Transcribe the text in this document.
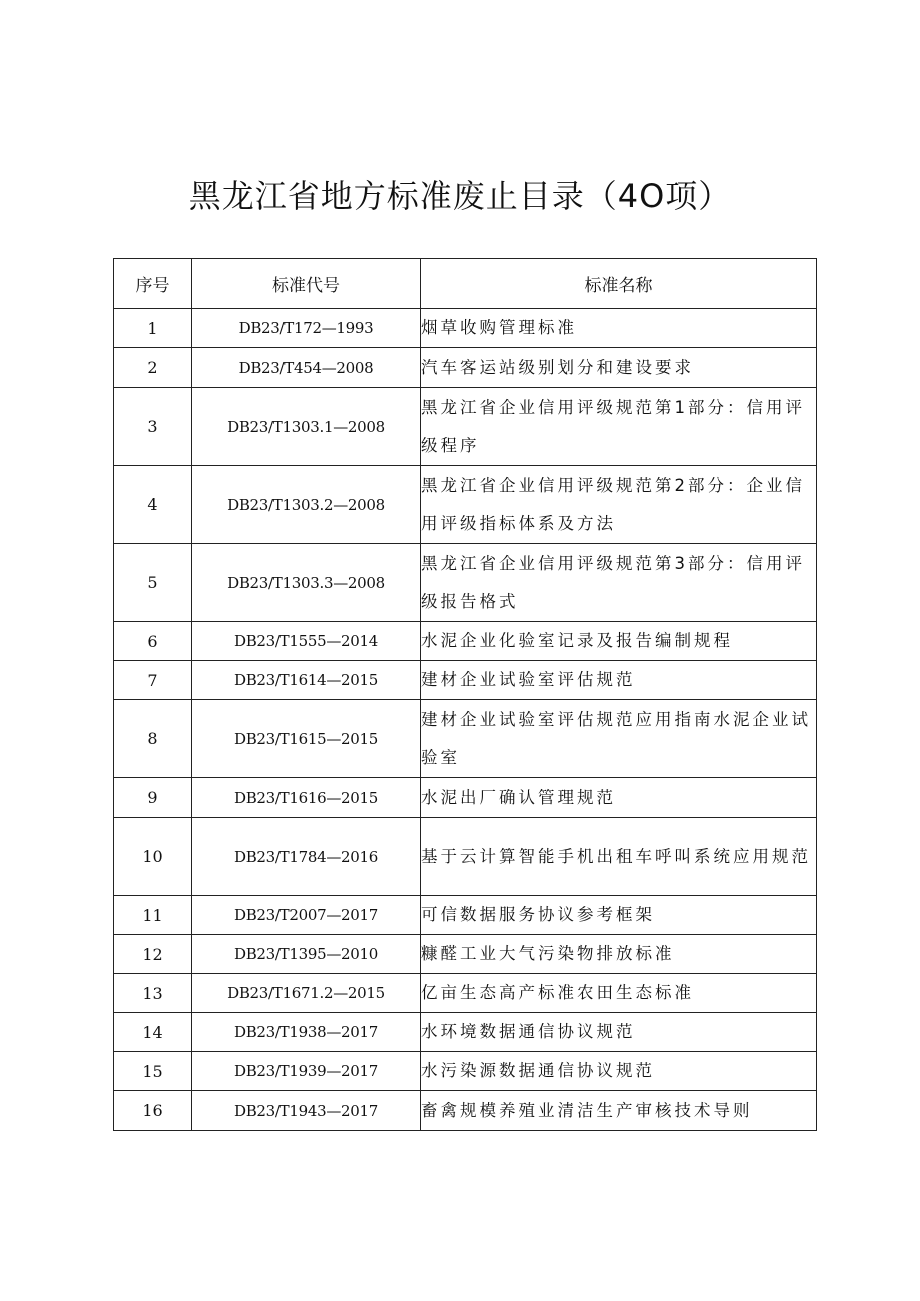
黑龙江省地方标准废止目录（4O项）
序号	标准代号	标准名称
1	DB23/T172—1993	烟草收购管理标准
2	DB23/T454—2008	汽车客运站级别划分和建设要求
3	DB23/T1303.1—2008	黑龙江省企业信用评级规范第1部分：信用评级程序
4	DB23/T1303.2—2008	黑龙江省企业信用评级规范第2部分：企业信用评级指标体系及方法
5	DB23/T1303.3—2008	黑龙江省企业信用评级规范第3部分：信用评级报告格式
6	DB23/T1555—2014	水泥企业化验室记录及报告编制规程
7	DB23/T1614—2015	建材企业试验室评估规范
8	DB23/T1615—2015	建材企业试验室评估规范应用指南水泥企业试验室
9	DB23/T1616—2015	水泥出厂确认管理规范
10	DB23/T1784—2016	基于云计算智能手机出租车呼叫系统应用规范
11	DB23/T2007—2017	可信数据服务协议参考框架
12	DB23/T1395—2010	糠醛工业大气污染物排放标准
13	DB23/T1671.2—2015	亿亩生态高产标准农田生态标准
14	DB23/T1938—2017	水环境数据通信协议规范
15	DB23/T1939—2017	水污染源数据通信协议规范
16	DB23/T1943—2017	畜禽规模养殖业清洁生产审核技术导则
